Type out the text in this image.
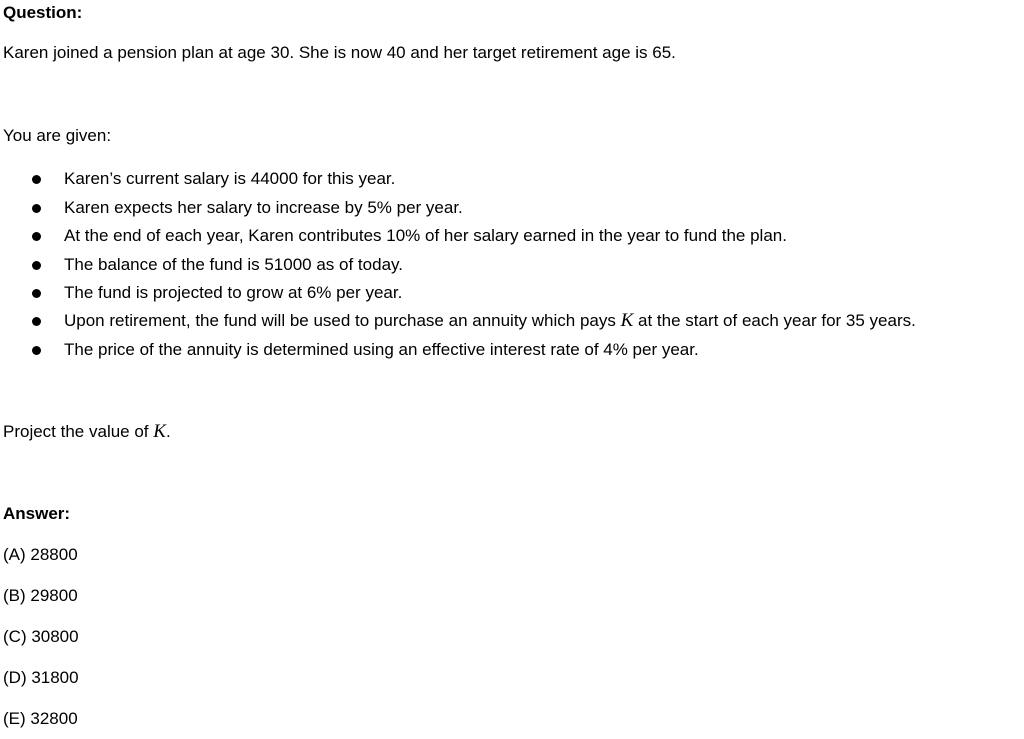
Question:
Karen joined a pension plan at age 30. She is now 40 and her target retirement age is 65.
You are given:
Karen’s current salary is 44000 for this year.
Karen expects her salary to increase by 5% per year.
At the end of each year, Karen contributes 10% of her salary earned in the year to fund the plan.
The balance of the fund is 51000 as of today.
The fund is projected to grow at 6% per year.
Upon retirement, the fund will be used to purchase an annuity which pays K at the start of each year for 35 years.
The price of the annuity is determined using an effective interest rate of 4% per year.
Project the value of K.
Answer:
(A) 28800
(B) 29800
(C) 30800
(D) 31800
(E) 32800
